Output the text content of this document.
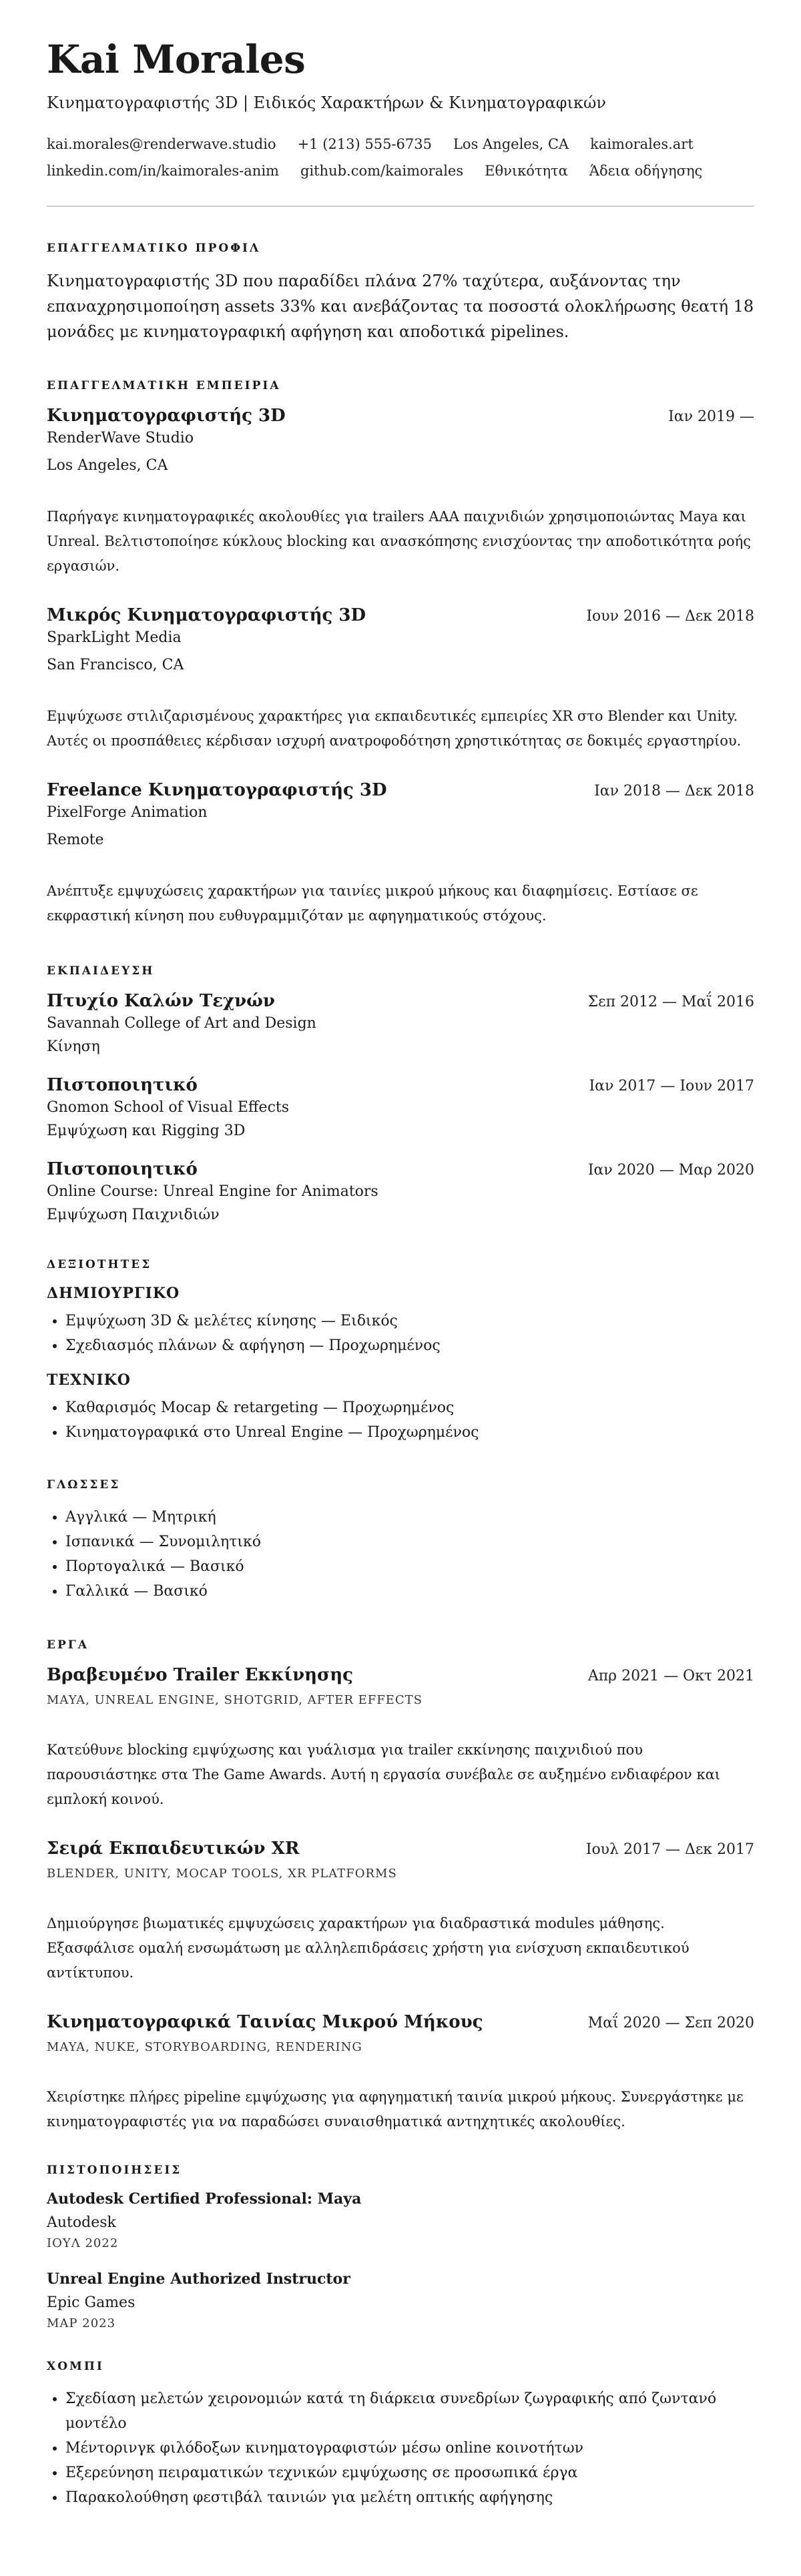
Kai Morales
Κινηματογραφιστής 3D | Ειδικός Χαρακτήρων & Κινηματογραφικών
kai.morales@renderwave.studio +1 (213) 555-6735 Los Angeles, CA kaimorales.art
linkedin.com/in/kaimorales-anim github.com/kaimorales Εθνικότητα Άδεια οδήγησης
ΕΠΑΓΓΕΛΜΑΤΙΚΟ ΠΡΟΦΙΛ
Κινηματογραφιστής 3D που παραδίδει πλάνα 27% ταχύτερα, αυξάνοντας την επαναχρησιμοποίηση assets 33% και ανεβάζοντας τα ποσοστά ολοκλήρωσης θεατή 18 μονάδες με κινηματογραφική αφήγηση και αποδοτικά pipelines.
ΕΠΑΓΓΕΛΜΑΤΙΚΗ ΕΜΠΕΙΡΙΑ
Κινηματογραφιστής 3D	Ιαν 2019 —
RenderWave Studio
Los Angeles, CA
Παρήγαγε κινηματογραφικές ακολουθίες για trailers AAA παιχνιδιών χρησιμοποιώντας Maya και Unreal. Βελτιστοποίησε κύκλους blocking και ανασκόπησης ενισχύοντας την αποδοτικότητα ροής εργασιών.
Μικρός Κινηματογραφιστής 3D	Ιουν 2016 — Δεκ 2018
SparkLight Media
San Francisco, CA
Εμψύχωσε στιλιζαρισμένους χαρακτήρες για εκπαιδευτικές εμπειρίες XR στο Blender και Unity. Αυτές οι προσπάθειες κέρδισαν ισχυρή ανατροφοδότηση χρηστικότητας σε δοκιμές εργαστηρίου.
Freelance Κινηματογραφιστής 3D	Ιαν 2018 — Δεκ 2018
PixelForge Animation
Remote
Ανέπτυξε εμψυχώσεις χαρακτήρων για ταινίες μικρού μήκους και διαφημίσεις. Εστίασε σε εκφραστική κίνηση που ευθυγραμμιζόταν με αφηγηματικούς στόχους.
ΕΚΠΑΙΔΕΥΣΗ
Πτυχίο Καλών Τεχνών	Σεπ 2012 — Μαΐ 2016
Savannah College of Art and Design
Κίνηση
Πιστοποιητικό	Ιαν 2017 — Ιουν 2017
Gnomon School of Visual Effects
Εμψύχωση και Rigging 3D
Πιστοποιητικό	Ιαν 2020 — Μαρ 2020
Online Course: Unreal Engine for Animators
Εμψύχωση Παιχνιδιών
ΔΕΞΙΟΤΗΤΕΣ
ΔΗΜΙΟΥΡΓΙΚΟ
• Εμψύχωση 3D & μελέτες κίνησης — Ειδικός
• Σχεδιασμός πλάνων & αφήγηση — Προχωρημένος
ΤΕΧΝΙΚΟ
• Καθαρισμός Mocap & retargeting — Προχωρημένος
• Κινηματογραφικά στο Unreal Engine — Προχωρημένος
ΓΛΩΣΣΕΣ
• Αγγλικά — Μητρική
• Ισπανικά — Συνομιλητικό
• Πορτογαλικά — Βασικό
• Γαλλικά — Βασικό
ΕΡΓΑ
Βραβευμένο Trailer Εκκίνησης	Απρ 2021 — Οκτ 2021
MAYA, UNREAL ENGINE, SHOTGRID, AFTER EFFECTS
Κατεύθυνε blocking εμψύχωσης και γυάλισμα για trailer εκκίνησης παιχνιδιού που παρουσιάστηκε στα The Game Awards. Αυτή η εργασία συνέβαλε σε αυξημένο ενδιαφέρον και εμπλοκή κοινού.
Σειρά Εκπαιδευτικών XR	Ιουλ 2017 — Δεκ 2017
BLENDER, UNITY, MOCAP TOOLS, XR PLATFORMS
Δημιούργησε βιωματικές εμψυχώσεις χαρακτήρων για διαδραστικά modules μάθησης. Εξασφάλισε ομαλή ενσωμάτωση με αλληλεπιδράσεις χρήστη για ενίσχυση εκπαιδευτικού αντίκτυπου.
Κινηματογραφικά Ταινίας Μικρού Μήκους	Μαΐ 2020 — Σεπ 2020
MAYA, NUKE, STORYBOARDING, RENDERING
Χειρίστηκε πλήρες pipeline εμψύχωσης για αφηγηματική ταινία μικρού μήκους. Συνεργάστηκε με κινηματογραφιστές για να παραδώσει συναισθηματικά αντηχητικές ακολουθίες.
ΠΙΣΤΟΠΟΙΗΣΕΙΣ
Autodesk Certified Professional: Maya
Autodesk
ΙΟΥΛ 2022
Unreal Engine Authorized Instructor
Epic Games
ΜΑΡ 2023
ΧΟΜΠΙ
• Σχεδίαση μελετών χειρονομιών κατά τη διάρκεια συνεδρίων ζωγραφικής από ζωντανό μοντέλο
• Μέντορινγκ φιλόδοξων κινηματογραφιστών μέσω online κοινοτήτων
• Εξερεύνηση πειραματικών τεχνικών εμψύχωσης σε προσωπικά έργα
• Παρακολούθηση φεστιβάλ ταινιών για μελέτη οπτικής αφήγησης
